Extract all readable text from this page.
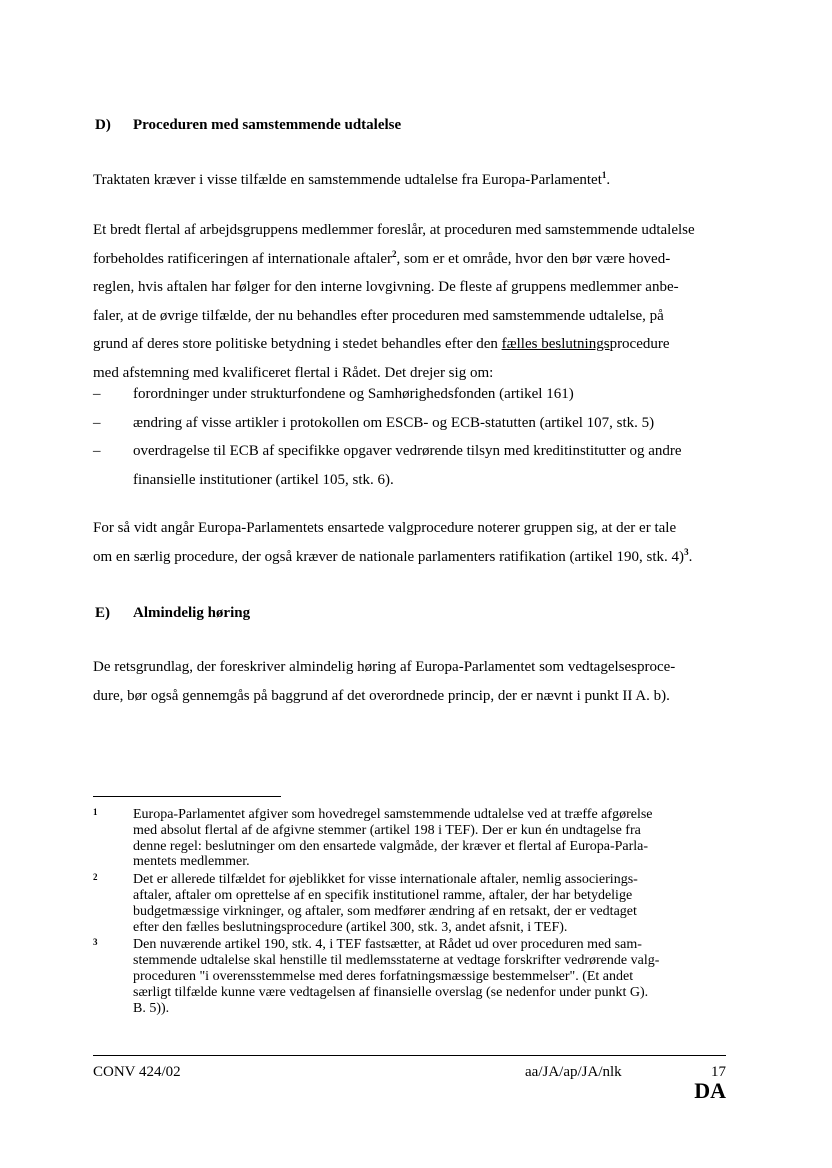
D) Proceduren med samstemmende udtalelse
Traktaten kræver i visse tilfælde en samstemmende udtalelse fra Europa-Parlamentet$^1$.
Et bredt flertal af arbejdsgruppens medlemmer foreslår, at proceduren med samstemmende udtalelse
forbeholdes ratificeringen af internationale aftaler$^2$, som er et område, hvor den bør være hoved-
reglen, hvis aftalen har følger for den interne lovgivning. De fleste af gruppens medlemmer anbe-
faler, at de øvrige tilfælde, der nu behandles efter proceduren med samstemmende udtalelse, på
grund af deres store politiske betydning i stedet behandles efter den fælles beslutningsprocedure
med afstemning med kvalificeret flertal i Rådet. Det drejer sig om:
– forordninger under strukturfondene og Samhørighedsfonden (artikel 161)
– ændring af visse artikler i protokollen om ESCB- og ECB-statutten (artikel 107, stk. 5)
– overdragelse til ECB af specifikke opgaver vedrørende tilsyn med kreditinstitutter og andre finansielle institutioner (artikel 105, stk. 6).
For så vidt angår Europa-Parlamentets ensartede valgprocedure noterer gruppen sig, at der er tale
om en særlig procedure, der også kræver de nationale parlamenters ratifikation (artikel 190, stk. 4)$^3$.
E) Almindelig høring
De retsgrundlag, der foreskriver almindelig høring af Europa-Parlamentet som vedtagelsesproce-
dure, bør også gennemgås på baggrund af det overordnede princip, der er nævnt i punkt II A. b).
1	Europa-Parlamentet afgiver som hovedregel samstemmende udtalelse ved at træffe afgørelse
med absolut flertal af de afgivne stemmer (artikel 198 i TEF). Der er kun én undtagelse fra
denne regel: beslutninger om den ensartede valgmåde, der kræver et flertal af Europa-Parla-
mentets medlemmer.
2	Det er allerede tilfældet for øjeblikket for visse internationale aftaler, nemlig associerings-
aftaler, aftaler om oprettelse af en specifik institutionel ramme, aftaler, der har betydelige
budgetmæssige virkninger, og aftaler, som medfører ændring af en retsakt, der er vedtaget
efter den fælles beslutningsprocedure (artikel 300, stk. 3, andet afsnit, i TEF).
3	Den nuværende artikel 190, stk. 4, i TEF fastsætter, at Rådet ud over proceduren med sam-
stemmende udtalelse skal henstille til medlemsstaterne at vedtage forskrifter vedrørende valg-
proceduren "i overensstemmelse med deres forfatningsmæssige bestemmelser". (Et andet
særligt tilfælde kunne være vedtagelsen af finansielle overslag (se nedenfor under punkt G).
B. 5)).
CONV 424/02	aa/JA/ap/JA/nlk	17
DA
